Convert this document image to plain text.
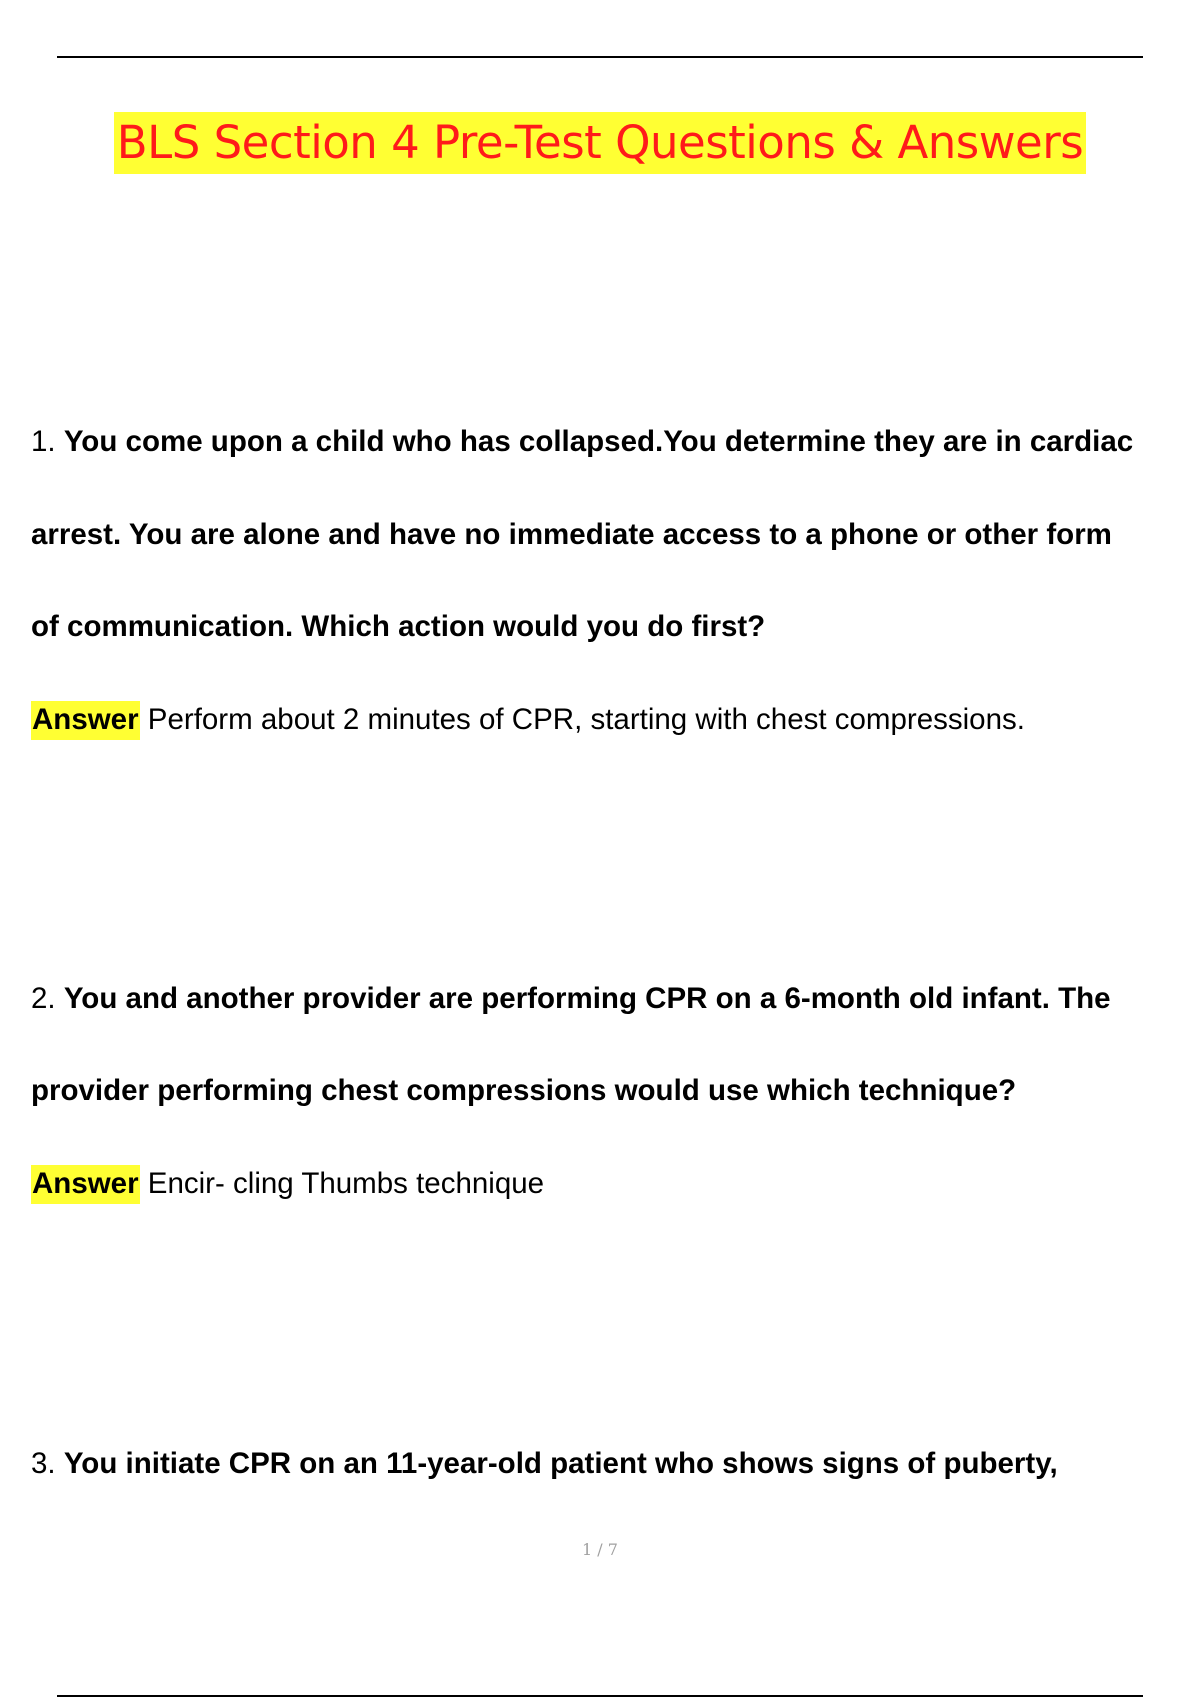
BLS Section 4 Pre-Test Questions & Answers
1. You come upon a child who has collapsed.You determine they are in cardiac
arrest. You are alone and have no immediate access to a phone or other form
of communication. Which action would you do first?
Answer Perform about 2 minutes of CPR, starting with chest compressions.
2. You and another provider are performing CPR on a 6-month old infant. The
provider performing chest compressions would use which technique?
Answer Encir- cling Thumbs technique
3. You initiate CPR on an 11-year-old patient who shows signs of puberty,
1 / 7
